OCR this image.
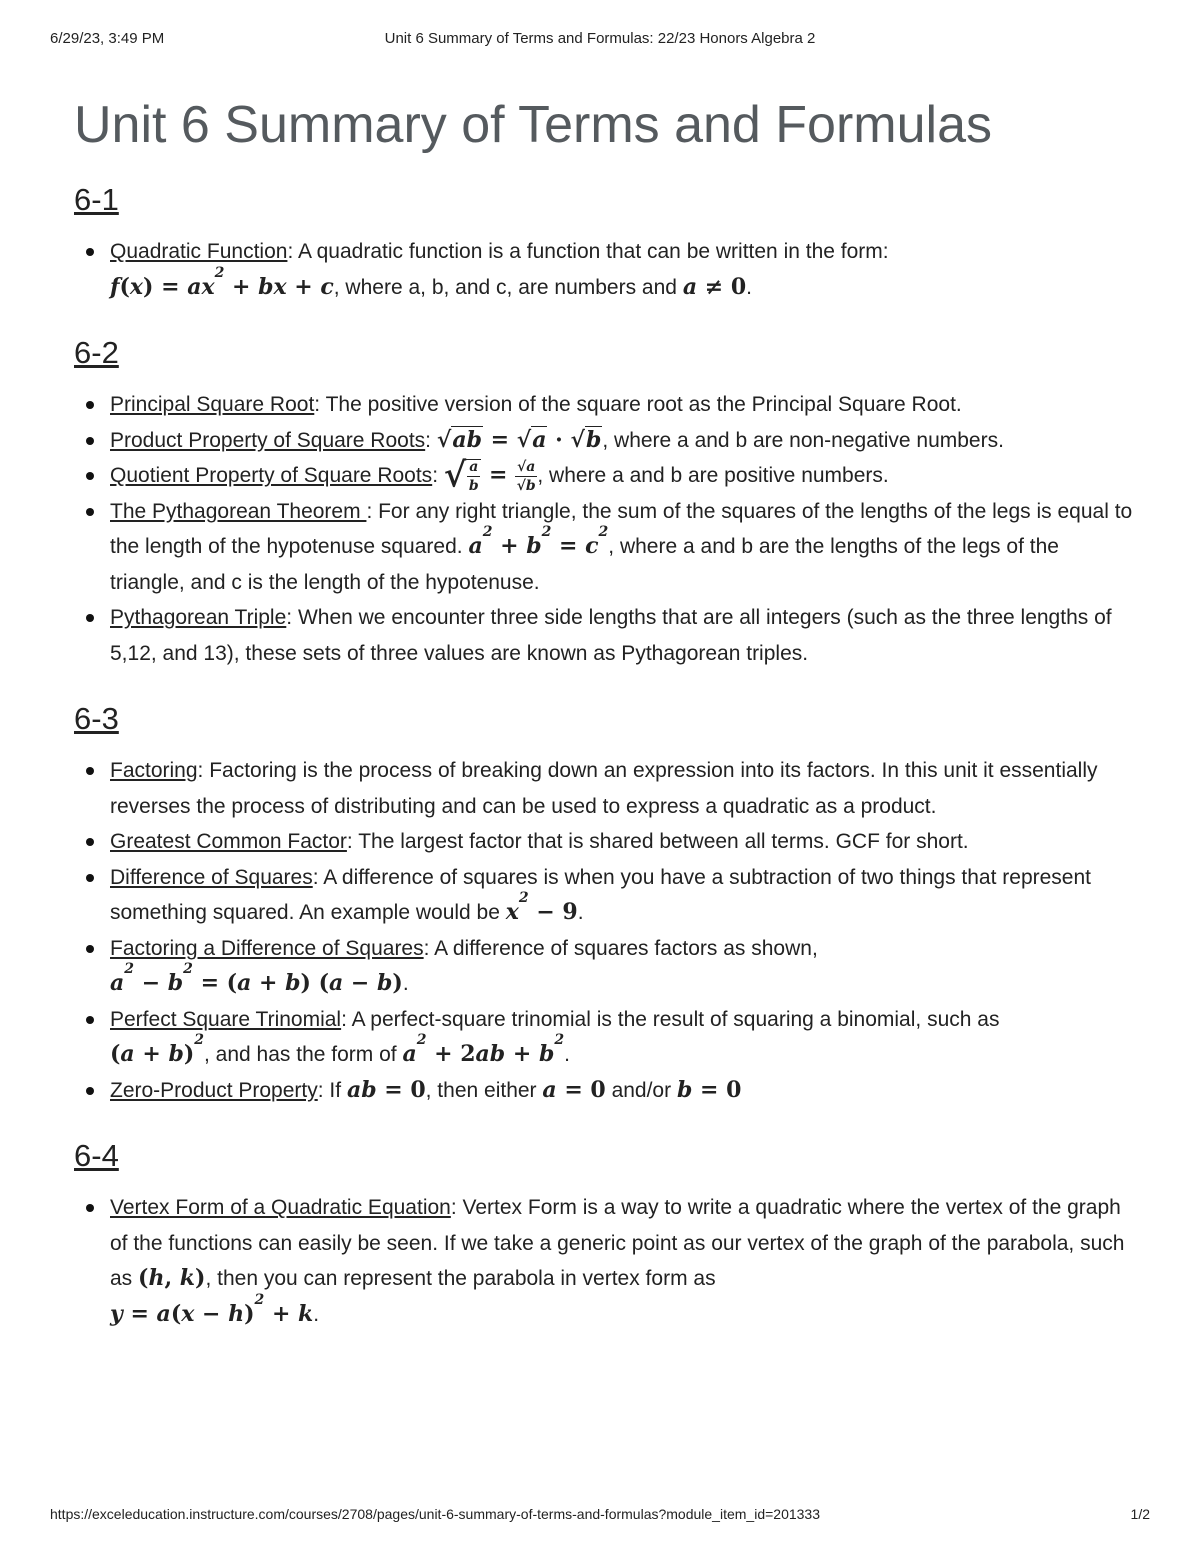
6/29/23, 3:49 PM	Unit 6 Summary of Terms and Formulas: 22/23 Honors Algebra 2
Unit 6 Summary of Terms and Formulas
6-1
Quadratic Function: A quadratic function is a function that can be written in the form:
$f(x) = ax^2$ + bx + c, where a, b, and c, are numbers and a ≠ 0.
6-2
Principal Square Root: The positive version of the square root as the Principal Square Root.
Product Property of Square Roots: √ab = √a · √b, where a and b are non-negative numbers.
Quotient Property of Square Roots: √ $\frac{a}{b} = \frac{√a}{√b}$ , where a and b are positive numbers.
The Pythagorean Theorem : For any right triangle, the sum of the squares of the lengths of the legs is equal to the length of the hypotenuse squared. $a^2 + b^2 = c^2$, where a and b are the lengths of the legs of the triangle, and c is the length of the hypotenuse.
Pythagorean Triple: When we encounter three side lengths that are all integers (such as the three lengths of 5,12, and 13), these sets of three values are known as Pythagorean triples.
6-3
Factoring: Factoring is the process of breaking down an expression into its factors. In this unit it essentially reverses the process of distributing and can be used to express a quadratic as a product.
Greatest Common Factor: The largest factor that is shared between all terms. GCF for short.
Difference of Squares: A difference of squares is when you have a subtraction of two things that represent something squared. An example would be $x^2 - 9$.
Factoring a Difference of Squares: A difference of squares factors as shown,
$a^2 - b^2 = (a + b) (a - b)$.
Perfect Square Trinomial: A perfect-square trinomial is the result of squaring a binomial, such as
$(a + b)^2$, and has the form of $a^2 + 2ab + b^2$.
Zero-Product Property: If ab = 0, then either a = 0 and/or b = 0
6-4
Vertex Form of a Quadratic Equation: Vertex Form is a way to write a quadratic where the vertex of the graph of the functions can easily be seen. If we take a generic point as our vertex of the graph of the parabola, such as (h, k), then you can represent the parabola in vertex form as
$y = a(x - h)^2 + k$.
https://exceleducation.instructure.com/courses/2708/pages/unit-6-summary-of-terms-and-formulas?module_item_id=201333	1/2
